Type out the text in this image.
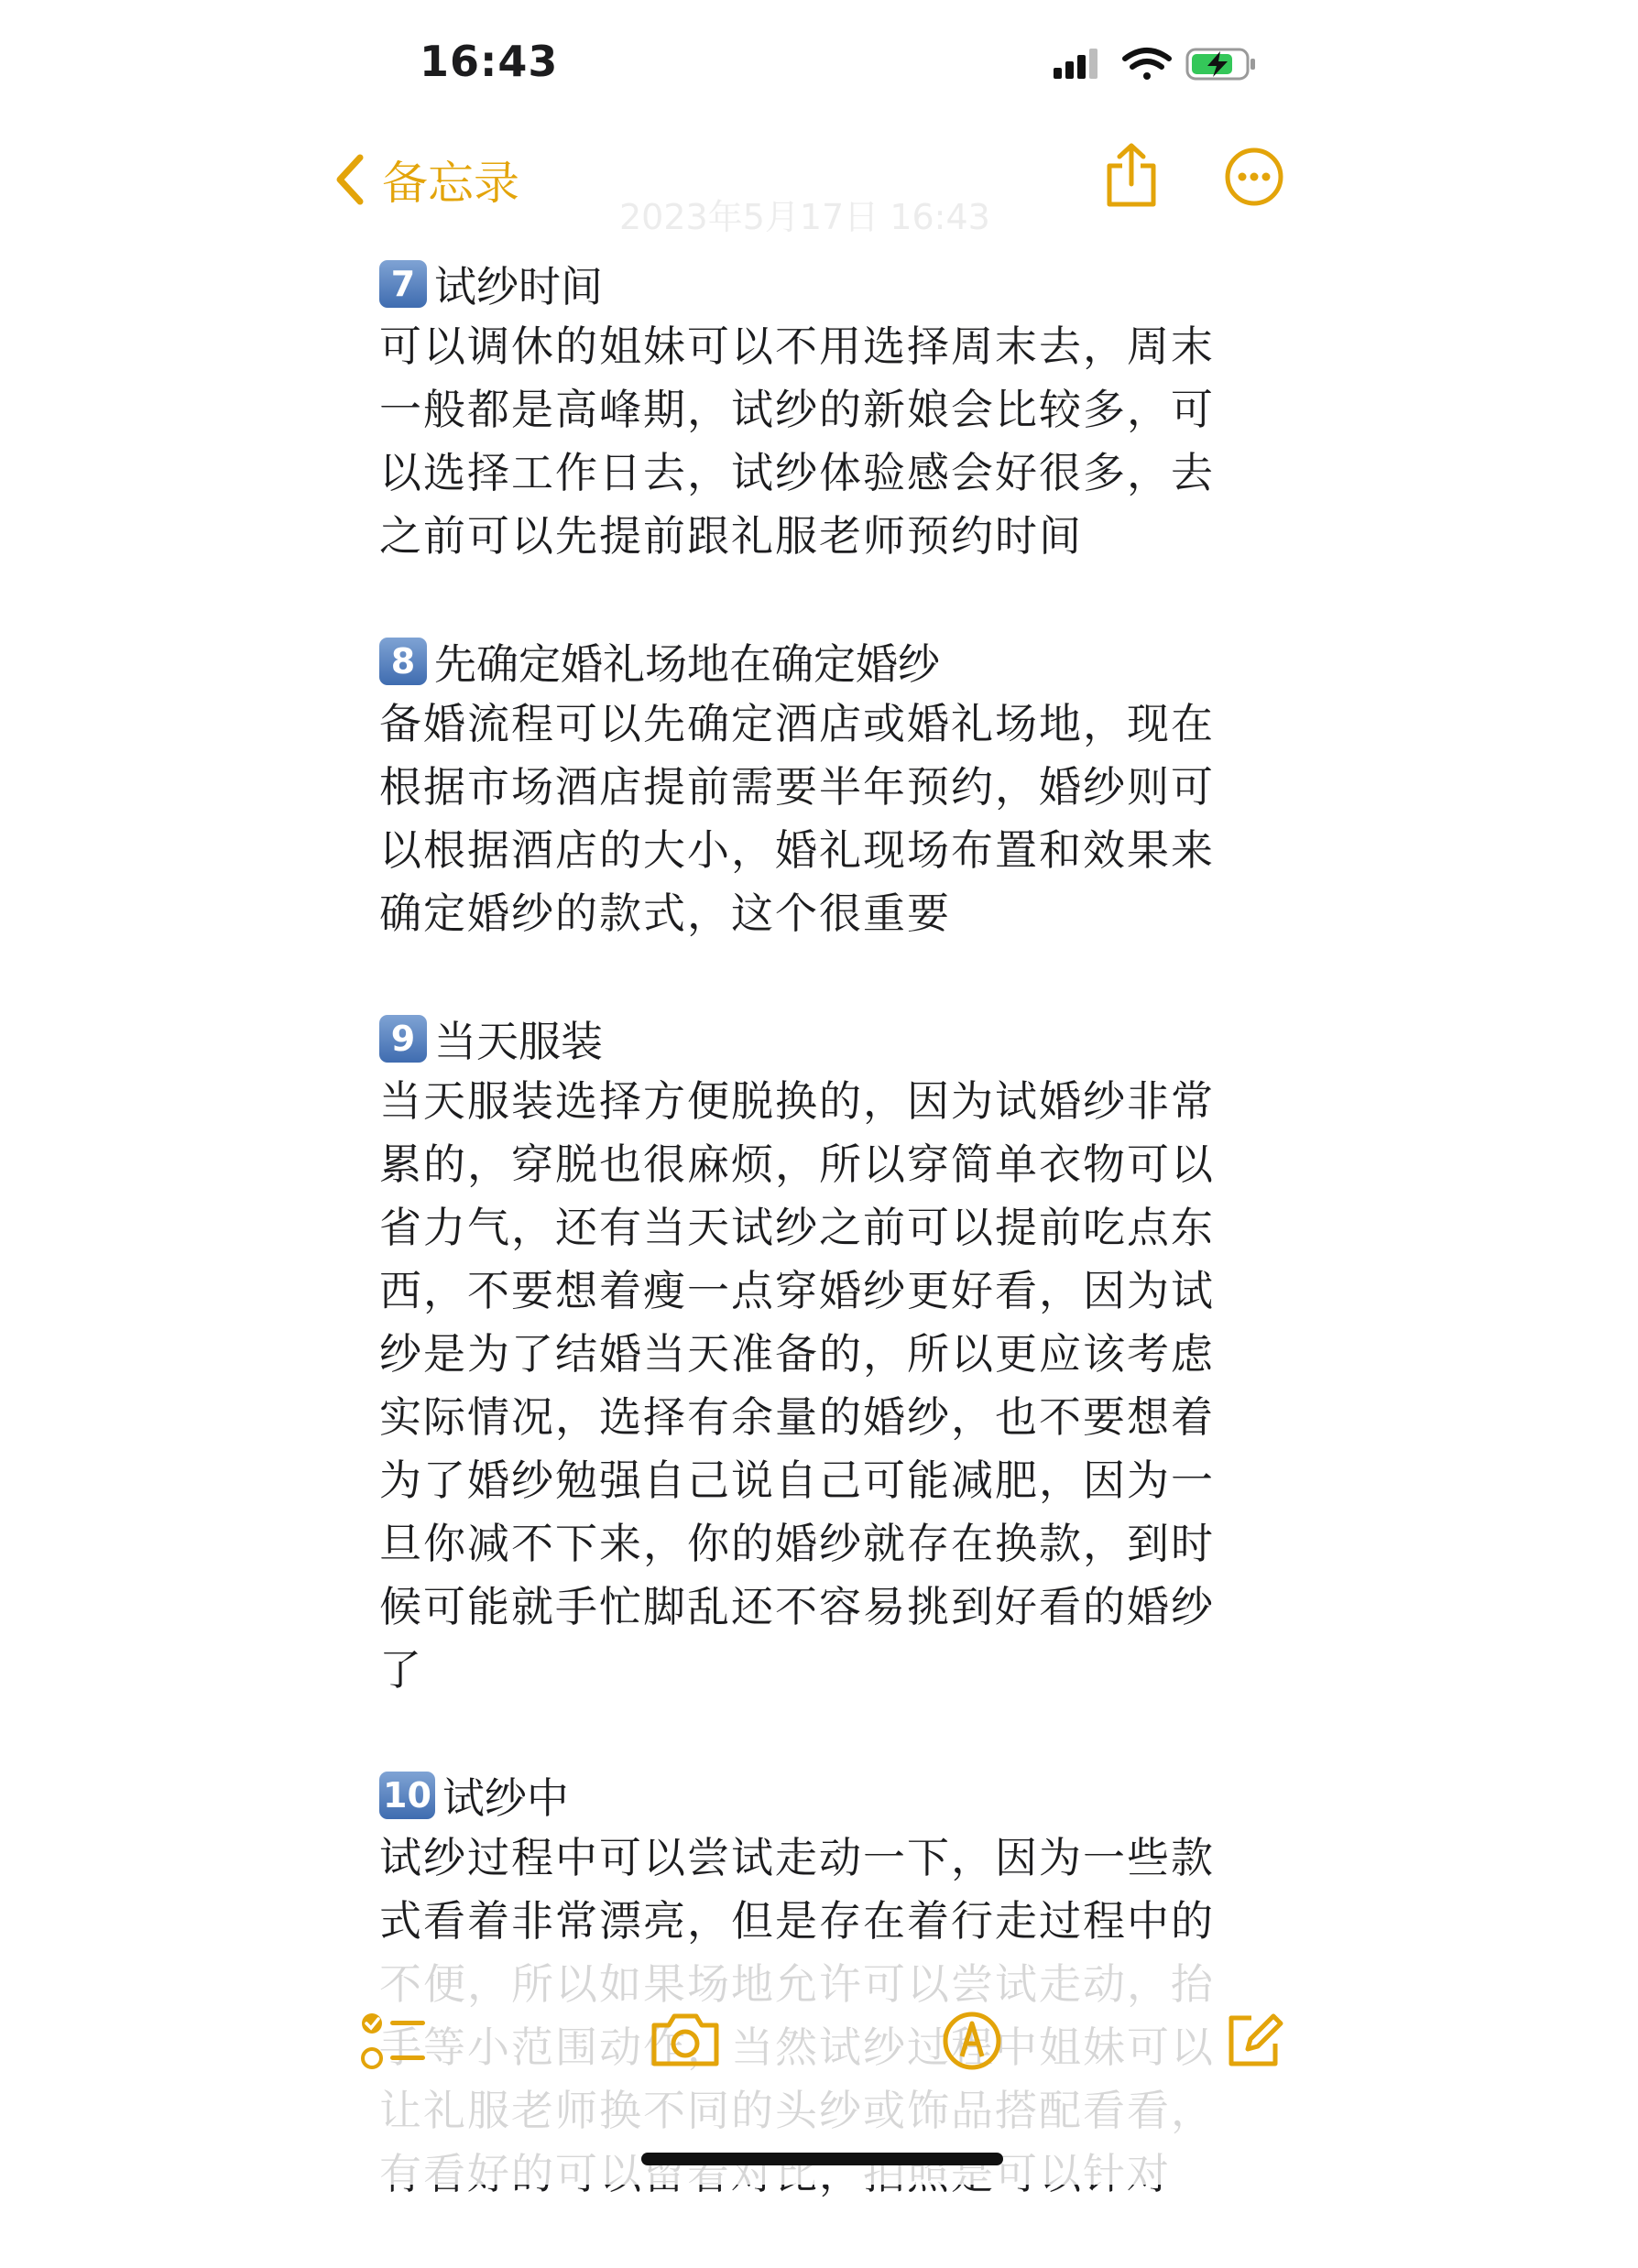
16:43
备忘录
2023年5月17日 16:43
7 试纱时间

可以调休的姐妹可以不用选择周末去，周末
一般都是高峰期，试纱的新娘会比较多，可
以选择工作日去，试纱体验感会好很多，去
之前可以先提前跟礼服老师预约时间

8 先确定婚礼场地在确定婚纱

备婚流程可以先确定酒店或婚礼场地，现在
根据市场酒店提前需要半年预约，婚纱则可
以根据酒店的大小，婚礼现场布置和效果来
确定婚纱的款式，这个很重要

9 当天服装

当天服装选择方便脱换的，因为试婚纱非常
累的，穿脱也很麻烦，所以穿简单衣物可以
省力气，还有当天试纱之前可以提前吃点东
西，不要想着瘦一点穿婚纱更好看，因为试
纱是为了结婚当天准备的，所以更应该考虑
实际情况，选择有余量的婚纱，也不要想着
为了婚纱勉强自己说自己可能减肥，因为一
旦你减不下来，你的婚纱就存在换款，到时
候可能就手忙脚乱还不容易挑到好看的婚纱
了

10 试纱中

试纱过程中可以尝试走动一下，因为一些款
式看着非常漂亮，但是存在着行走过程中的
